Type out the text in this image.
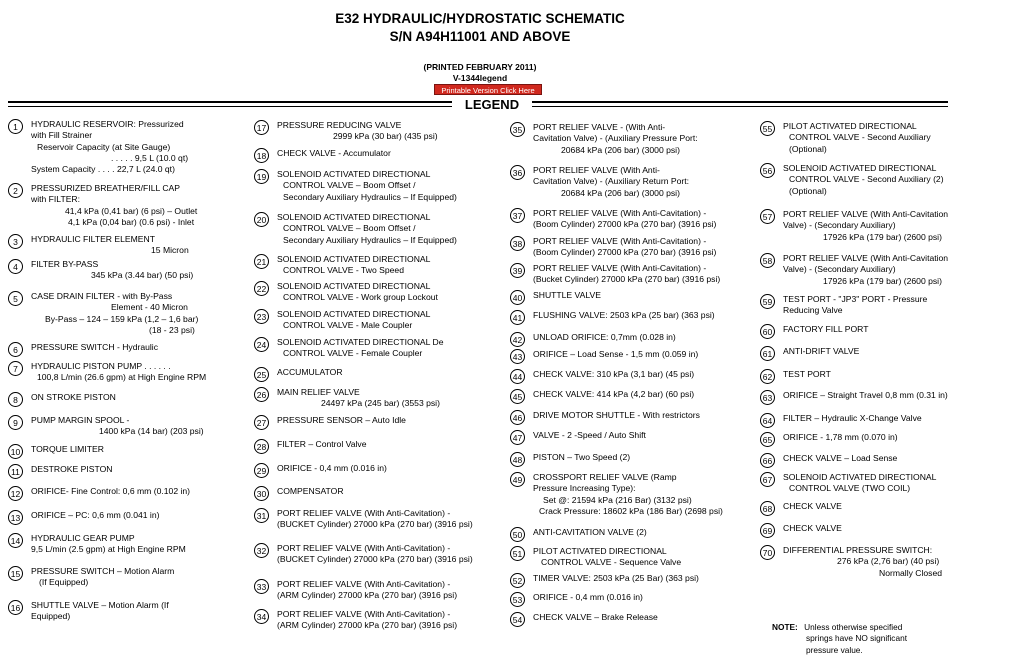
E32 HYDRAULIC/HYDROSTATIC SCHEMATIC
S/N A94H11001 AND ABOVE
(PRINTED FEBRUARY 2011)
V-1344legend
Printable Version Click Here
LEGEND
1	HYDRAULIC RESERVOIR: Pressurized
with Fill Strainer
Reservoir Capacity (at Site Gauge)
. . . . . 9,5 L (10.0 qt)
System Capacity . . . . 22,7 L (24.0 qt)
2	PRESSURIZED BREATHER/FILL CAP
with FILTER:
41,4 kPa (0,41 bar) (6 psi) – Outlet
4,1 kPa (0,04 bar) (0.6 psi) - Inlet
3	HYDRAULIC FILTER ELEMENT
15 Micron
4	FILTER BY-PASS
345 kPa (3.44 bar) (50 psi)
5	CASE DRAIN FILTER - with By-Pass
Element - 40 Micron
By-Pass – 124 – 159 kPa (1,2 – 1,6 bar)
(18 - 23 psi)
6	PRESSURE SWITCH - Hydraulic
7	HYDRAULIC PISTON PUMP . . . . . .
100,8 L/min (26.6 gpm) at High Engine RPM
8	ON STROKE PISTON
9	PUMP MARGIN SPOOL -
1400 kPa (14 bar) (203 psi)
10	TORQUE LIMITER
11	DESTROKE PISTON
12	ORIFICE- Fine Control: 0,6 mm (0.102 in)
13	ORIFICE – PC: 0,6 mm (0.041 in)
14	HYDRAULIC GEAR PUMP
9,5 L/min (2.5 gpm) at High Engine RPM
15	PRESSURE SWITCH – Motion Alarm
(If Equipped)
16	SHUTTLE VALVE – Motion Alarm (If
Equipped)
17	PRESSURE REDUCING VALVE
2999 kPa (30 bar) (435 psi)
18	CHECK VALVE - Accumulator
19	SOLENOID ACTIVATED DIRECTIONAL
CONTROL VALVE – Boom Offset /
Secondary Auxiliary Hydraulics – If Equipped)
20	SOLENOID ACTIVATED DIRECTIONAL
CONTROL VALVE – Boom Offset /
Secondary Auxiliary Hydraulics – If Equipped)
21	SOLENOID ACTIVATED DIRECTIONAL
CONTROL VALVE - Two Speed
22	SOLENOID ACTIVATED DIRECTIONAL
CONTROL VALVE - Work group Lockout
23	SOLENOID ACTIVATED DIRECTIONAL
CONTROL VALVE - Male Coupler
24	SOLENOID ACTIVATED DIRECTIONAL De
CONTROL VALVE - Female Coupler
25	ACCUMULATOR
26	MAIN RELIEF VALVE
24497 kPa (245 bar) (3553 psi)
27	PRESSURE SENSOR – Auto Idle
28	FILTER – Control Valve
29	ORIFICE - 0,4 mm (0.016 in)
30	COMPENSATOR
31	PORT RELIEF VALVE (With Anti-Cavitation) -
(BUCKET Cylinder) 27000 kPa (270 bar) (3916 psi)
32	PORT RELIEF VALVE (With Anti-Cavitation) -
(BUCKET Cylinder) 27000 kPa (270 bar) (3916 psi)
33	PORT RELIEF VALVE (With Anti-Cavitation) -
(ARM Cylinder) 27000 kPa (270 bar) (3916 psi)
34	PORT RELIEF VALVE (With Anti-Cavitation) -
(ARM Cylinder) 27000 kPa (270 bar) (3916 psi)
35	PORT RELIEF VALVE - (With Anti-
Cavitation Valve) - (Auxiliary Pressure Port:
20684 kPa (206 bar) (3000 psi)
36	PORT RELIEF VALVE (With Anti-
Cavitation Valve) - (Auxiliary Return Port:
20684 kPa (206 bar) (3000 psi)
37	PORT RELIEF VALVE (With Anti-Cavitation) -
(Boom Cylinder) 27000 kPa (270 bar) (3916 psi)
38	PORT RELIEF VALVE (With Anti-Cavitation) -
(Boom Cylinder) 27000 kPa (270 bar) (3916 psi)
39	PORT RELIEF VALVE (With Anti-Cavitation) -
(Bucket Cylinder) 27000 kPa (270 bar) (3916 psi)
40	SHUTTLE VALVE
41	FLUSHING VALVE: 2503 kPa (25 bar) (363 psi)
42	UNLOAD ORIFICE: 0,7mm (0.028 in)
43	ORIFICE – Load Sense - 1,5 mm (0.059 in)
44	CHECK VALVE: 310 kPa (3,1 bar) (45 psi)
45	CHECK VALVE: 414 kPa (4,2 bar) (60 psi)
46	DRIVE MOTOR SHUTTLE - With restrictors
47	VALVE - 2 -Speed / Auto Shift
48	PISTON – Two Speed (2)
49	CROSSPORT RELIEF VALVE (Ramp
Pressure Increasing Type):
Set @: 21594 kPa (216 Bar) (3132 psi)
Crack Pressure: 18602 kPa (186 Bar) (2698 psi)
50	ANTI-CAVITATION VALVE (2)
51	PILOT ACTIVATED DIRECTIONAL
CONTROL VALVE - Sequence Valve
52	TIMER VALVE: 2503 kPa (25 Bar) (363 psi)
53	ORIFICE - 0,4 mm (0.016 in)
54	CHECK VALVE – Brake Release
55	PILOT ACTIVATED DIRECTIONAL
CONTROL VALVE - Second Auxiliary
(Optional)
56	SOLENOID ACTIVATED DIRECTIONAL
CONTROL VALVE - Second Auxiliary (2)
(Optional)
57	PORT RELIEF VALVE (With Anti-Cavitation
Valve) - (Secondary Auxiliary)
17926 kPa (179 bar) (2600 psi)
58	PORT RELIEF VALVE (With Anti-Cavitation
Valve) - (Secondary Auxiliary)
17926 kPa (179 bar) (2600 psi)
59	TEST PORT - "JP3" PORT - Pressure
Reducing Valve
60	FACTORY FILL PORT
61	ANTI-DRIFT VALVE
62	TEST PORT
63	ORIFICE – Straight Travel 0,8 mm (0.31 in)
64	FILTER – Hydraulic X-Change Valve
65	ORIFICE - 1,78 mm (0.070 in)
66	CHECK VALVE – Load Sense
67	SOLENOID ACTIVATED DIRECTIONAL
CONTROL VALVE (TWO COIL)
68	CHECK VALVE
69	CHECK VALVE
70	DIFFERENTIAL PRESSURE SWITCH:
276 kPa (2,76 bar) (40 psi)
Normally Closed
NOTE: Unless otherwise specified
springs have NO significant
pressure value.
